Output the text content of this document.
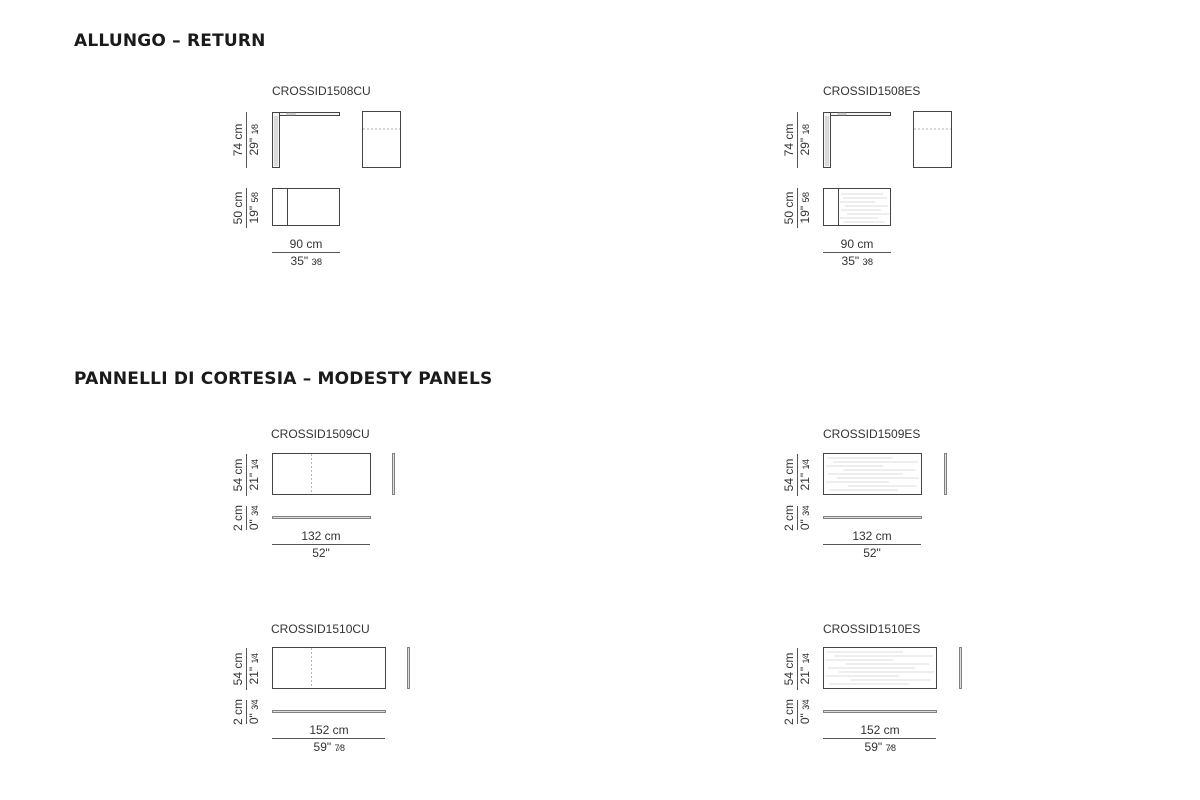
ALLUNGO – RETURN
PANNELLI DI CORTESIA – MODESTY PANELS
CROSSID1508CU
74 cm 29" 1⁄8
50 cm 19" 5⁄8
90 cm
35" 3⁄8
CROSSID1508ES
74 cm 29" 1⁄8
50 cm 19" 5⁄8
90 cm
35" 3⁄8
CROSSID1509CU
54 cm 21" 1⁄4
2 cm 0" 3⁄4
132 cm
52"
CROSSID1509ES
54 cm 21" 1⁄4
2 cm 0" 3⁄4
132 cm
52"
CROSSID1510CU
54 cm 21" 1⁄4
2 cm 0" 3⁄4
152 cm
59" 7⁄8
CROSSID1510ES
54 cm 21" 1⁄4
2 cm 0" 3⁄4
152 cm
59" 7⁄8
